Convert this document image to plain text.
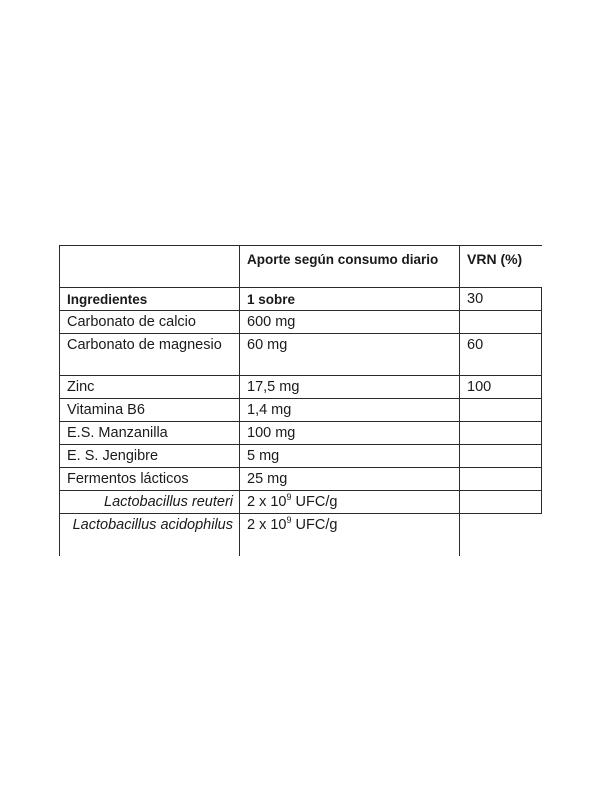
	Aporte según consumo diario	VRN (%)
Ingredientes	1 sobre	30
Carbonato de calcio	600 mg	
Carbonato de magnesio	60 mg	60
Zinc	17,5 mg	100
Vitamina B6	1,4 mg	
E.S. Manzanilla	100 mg	
E. S. Jengibre	5 mg	
Fermentos lácticos	25 mg	
Lactobacillus reuteri	2 x $10^9$ UFC/g	
Lactobacillus acidophilus	2 x $10^9$ UFC/g	
